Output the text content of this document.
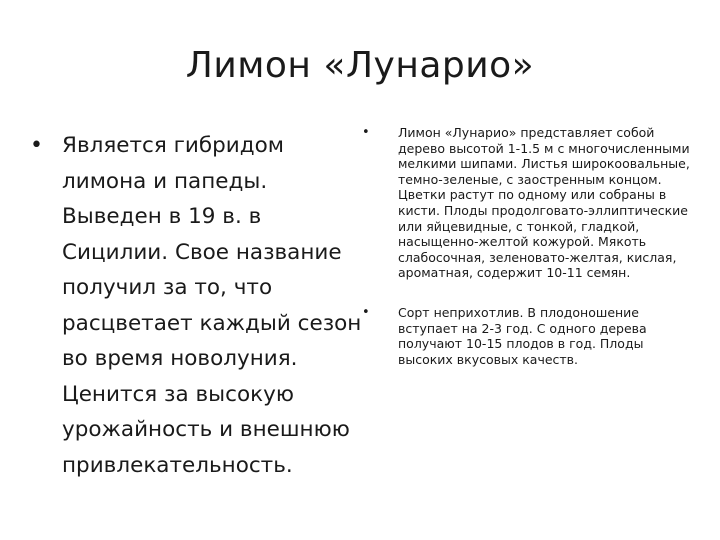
Лимон «Лунарио»
• Является гибридом лимона и папеды. Выведен в 19 в. в Сицилии. Свое название получил за то, что расцветает каждый сезон во время новолуния. Ценится за высокую урожайность и внешнюю привлекательность.
• Лимон «Лунарио» представляет собой дерево высотой 1-1.5 м с многочисленными мелкими шипами. Листья широкоовальные, темно-зеленые, с заостренным концом. Цветки растут по одному или собраны в кисти. Плоды продолговато-эллиптические или яйцевидные, с тонкой, гладкой, насыщенно-желтой кожурой. Мякоть слабосочная, зеленовато-желтая, кислая, ароматная, содержит 10-11 семян.
• Сорт неприхотлив. В плодоношение вступает на 2-3 год. С одного дерева получают 10-15 плодов в год. Плоды высоких вкусовых качеств.
